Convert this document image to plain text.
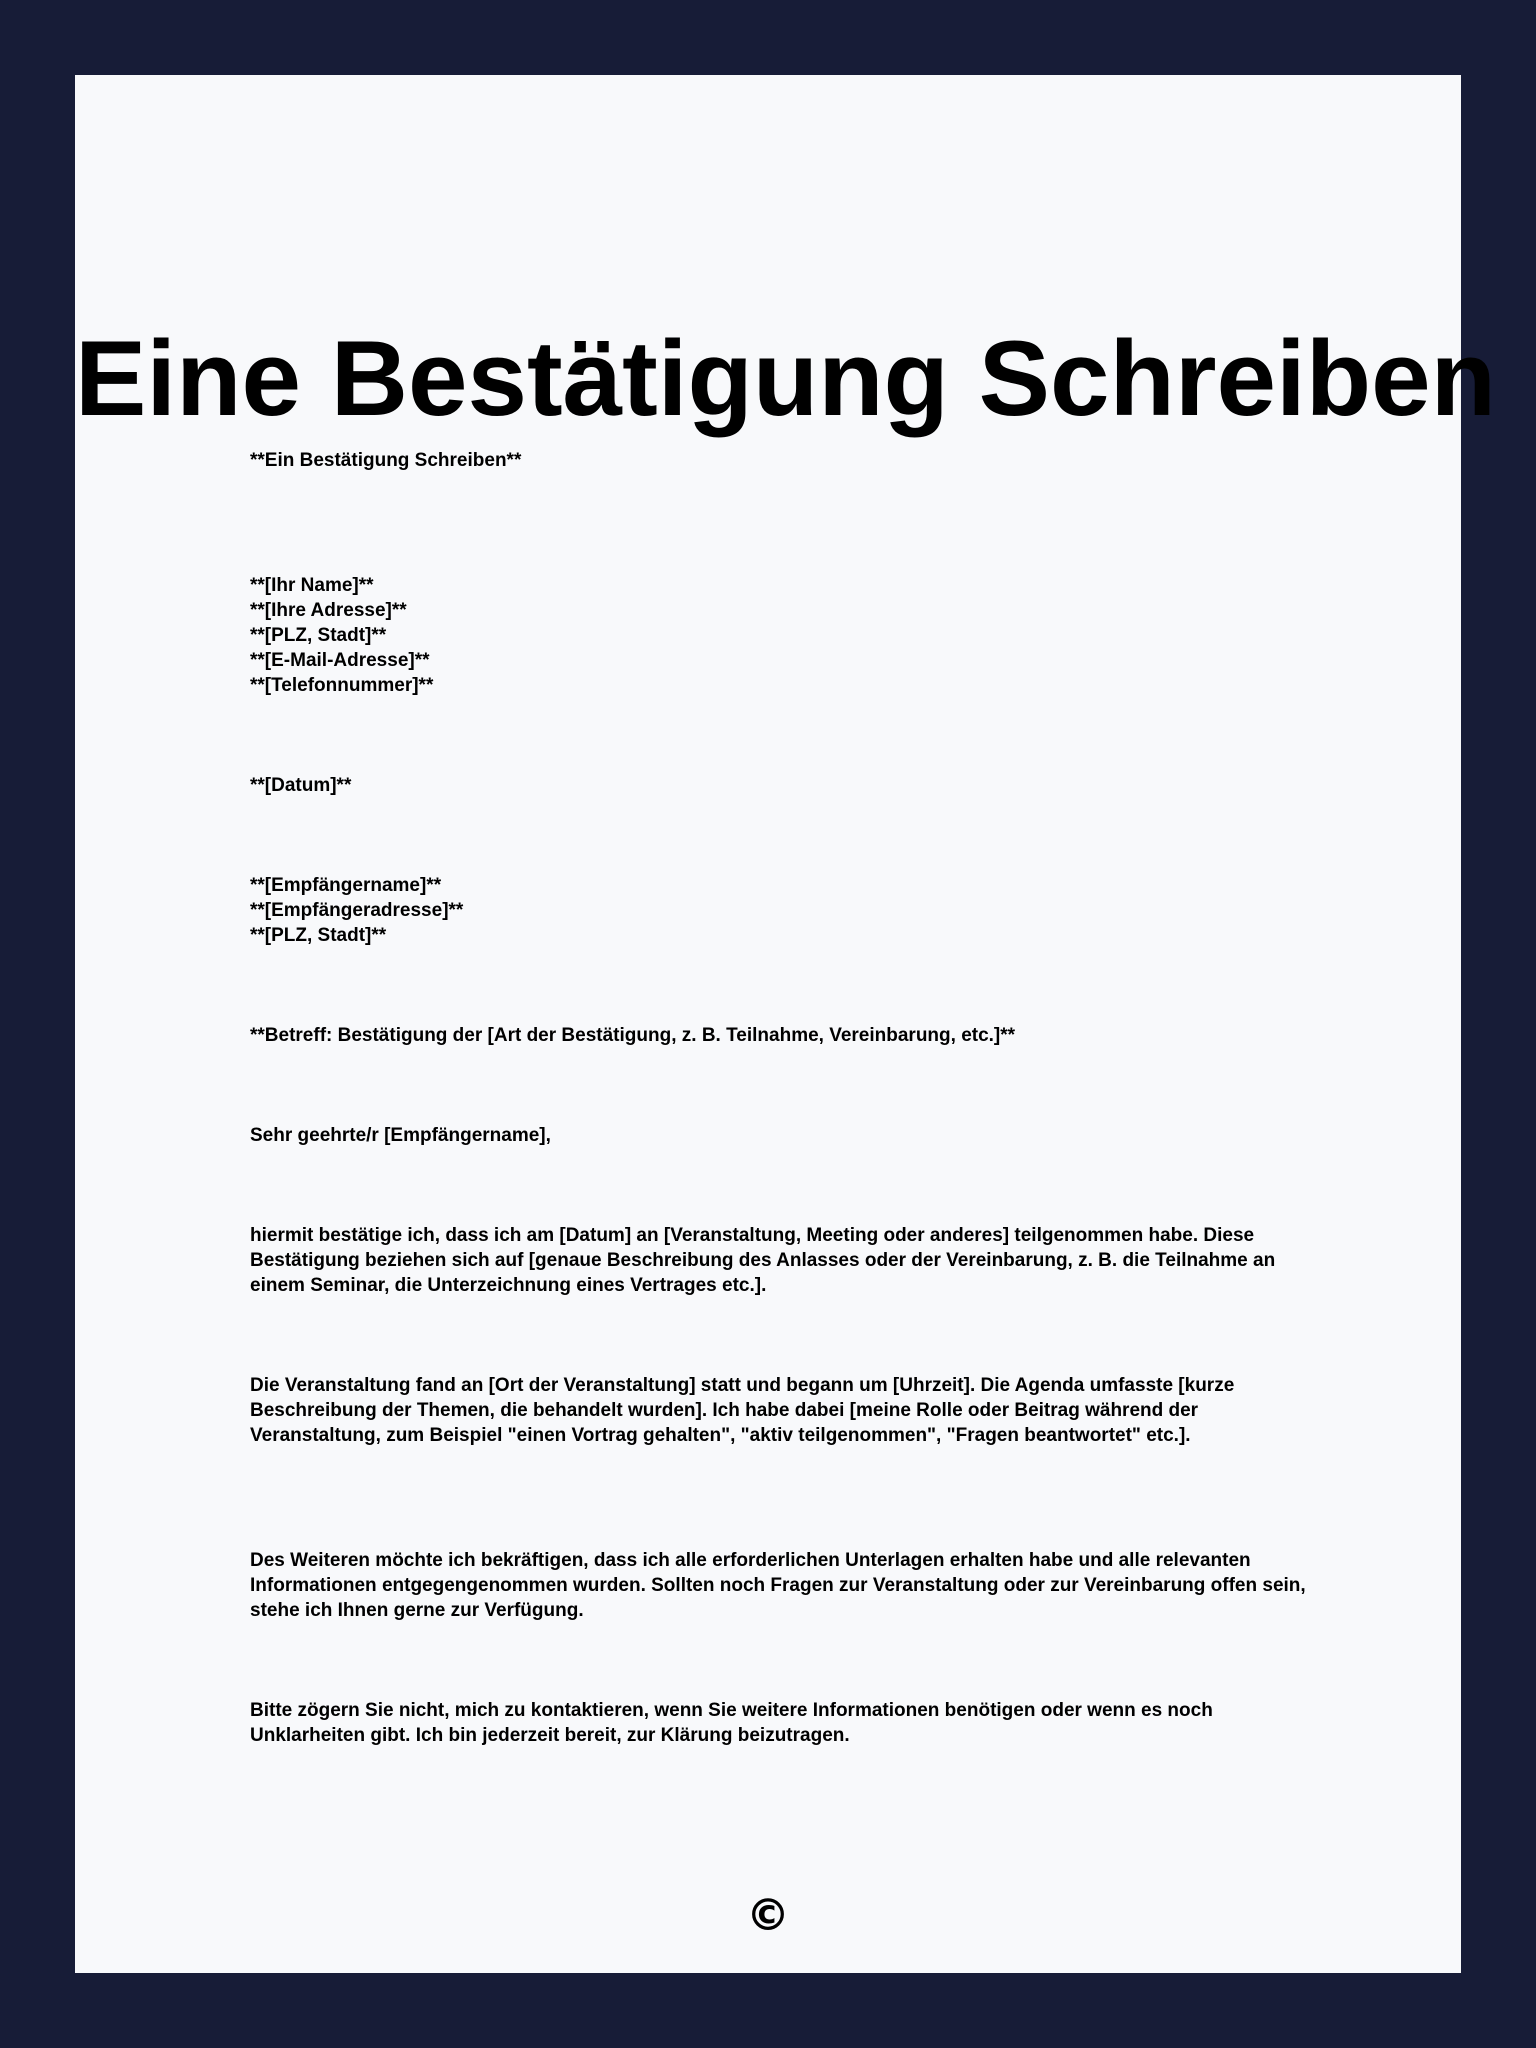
Eine Bestätigung Schreiben

**Ein Bestätigung Schreiben**

**[Ihr Name]**
**[Ihre Adresse]**
**[PLZ, Stadt]**
**[E-Mail-Adresse]**
**[Telefonnummer]**

**[Datum]**

**[Empfängername]**
**[Empfängeradresse]**
**[PLZ, Stadt]**

**Betreff: Bestätigung der [Art der Bestätigung, z. B. Teilnahme, Vereinbarung, etc.]**

Sehr geehrte/r [Empfängername],

hiermit bestätige ich, dass ich am [Datum] an [Veranstaltung, Meeting oder anderes] teilgenommen habe. Diese Bestätigung beziehen sich auf [genaue Beschreibung des Anlasses oder der Vereinbarung, z. B. die Teilnahme an einem Seminar, die Unterzeichnung eines Vertrages etc.].

Die Veranstaltung fand an [Ort der Veranstaltung] statt und begann um [Uhrzeit]. Die Agenda umfasste [kurze Beschreibung der Themen, die behandelt wurden]. Ich habe dabei [meine Rolle oder Beitrag während der Veranstaltung, zum Beispiel "einen Vortrag gehalten", "aktiv teilgenommen", "Fragen beantwortet" etc.].

Des Weiteren möchte ich bekräftigen, dass ich alle erforderlichen Unterlagen erhalten habe und alle relevanten Informationen entgegengenommen wurden. Sollten noch Fragen zur Veranstaltung oder zur Vereinbarung offen sein, stehe ich Ihnen gerne zur Verfügung.

Bitte zögern Sie nicht, mich zu kontaktieren, wenn Sie weitere Informationen benötigen oder wenn es noch Unklarheiten gibt. Ich bin jederzeit bereit, zur Klärung beizutragen.

©
